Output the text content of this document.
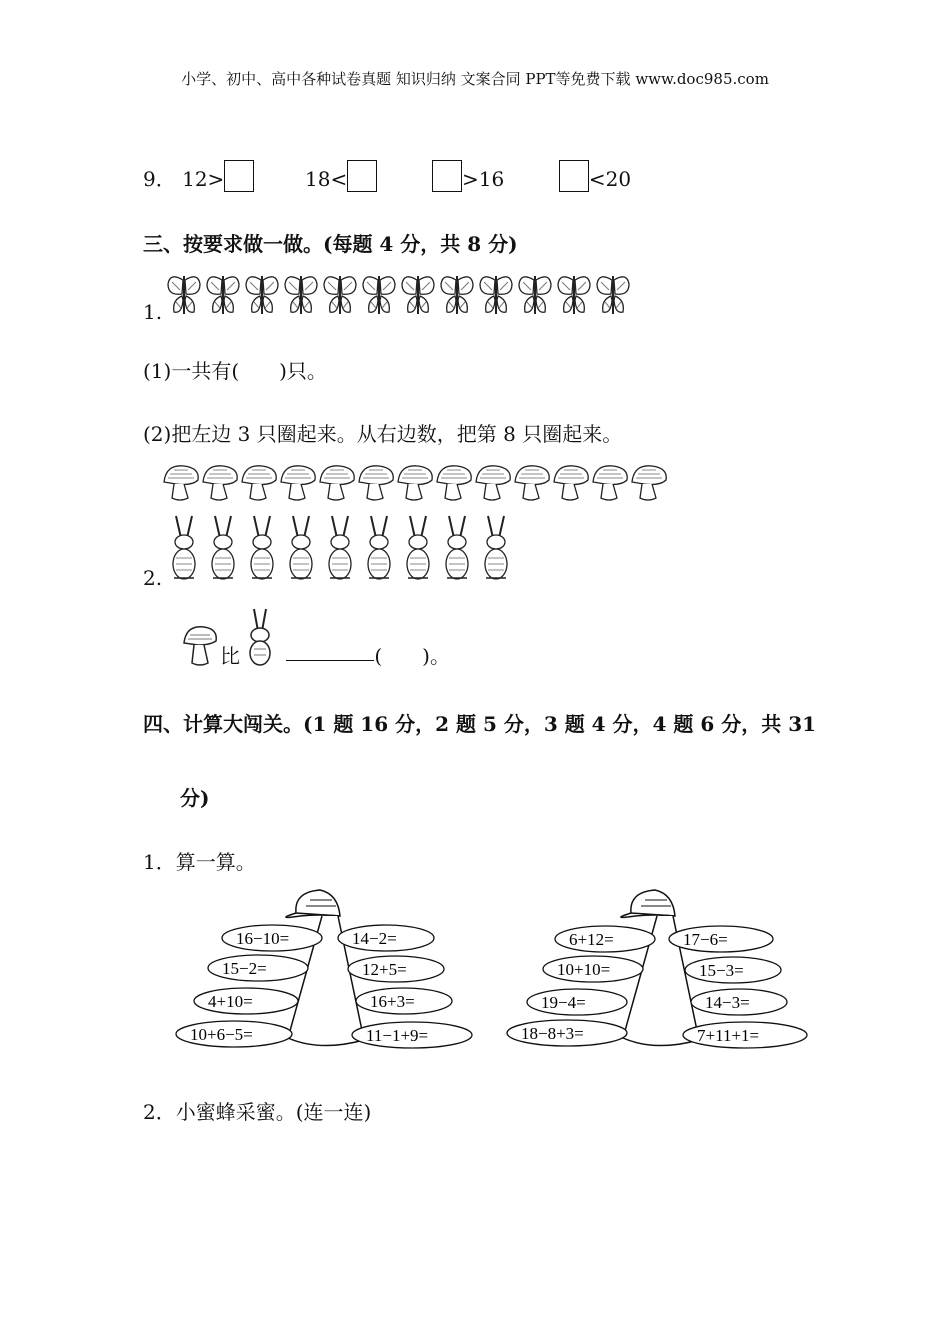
小学、初中、高中各种试卷真题 知识归纳 文案合同 PPT等免费下载 www.doc985.com
9． 12>	18<	>16	<20
三、按要求做一做。(每题 4 分，共 8 分)
1.
(1)一共有(　　)只。
(2)把左边 3 只圈起来。从右边数，把第 8 只圈起来。
2.
比	(　　)。
四、计算大闯关。(1 题 16 分，2 题 5 分，3 题 4 分，4 题 6 分，共 31
分)
1．算一算。
16−10=	14−2=
15−2=	12+5=
4+10=	16+3=
10+6−5=	11−1+9=
6+12=	17−6=
10+10=	15−3=
19−4=	14−3=
18−8+3=	7+11+1=
2．小蜜蜂采蜜。(连一连)
